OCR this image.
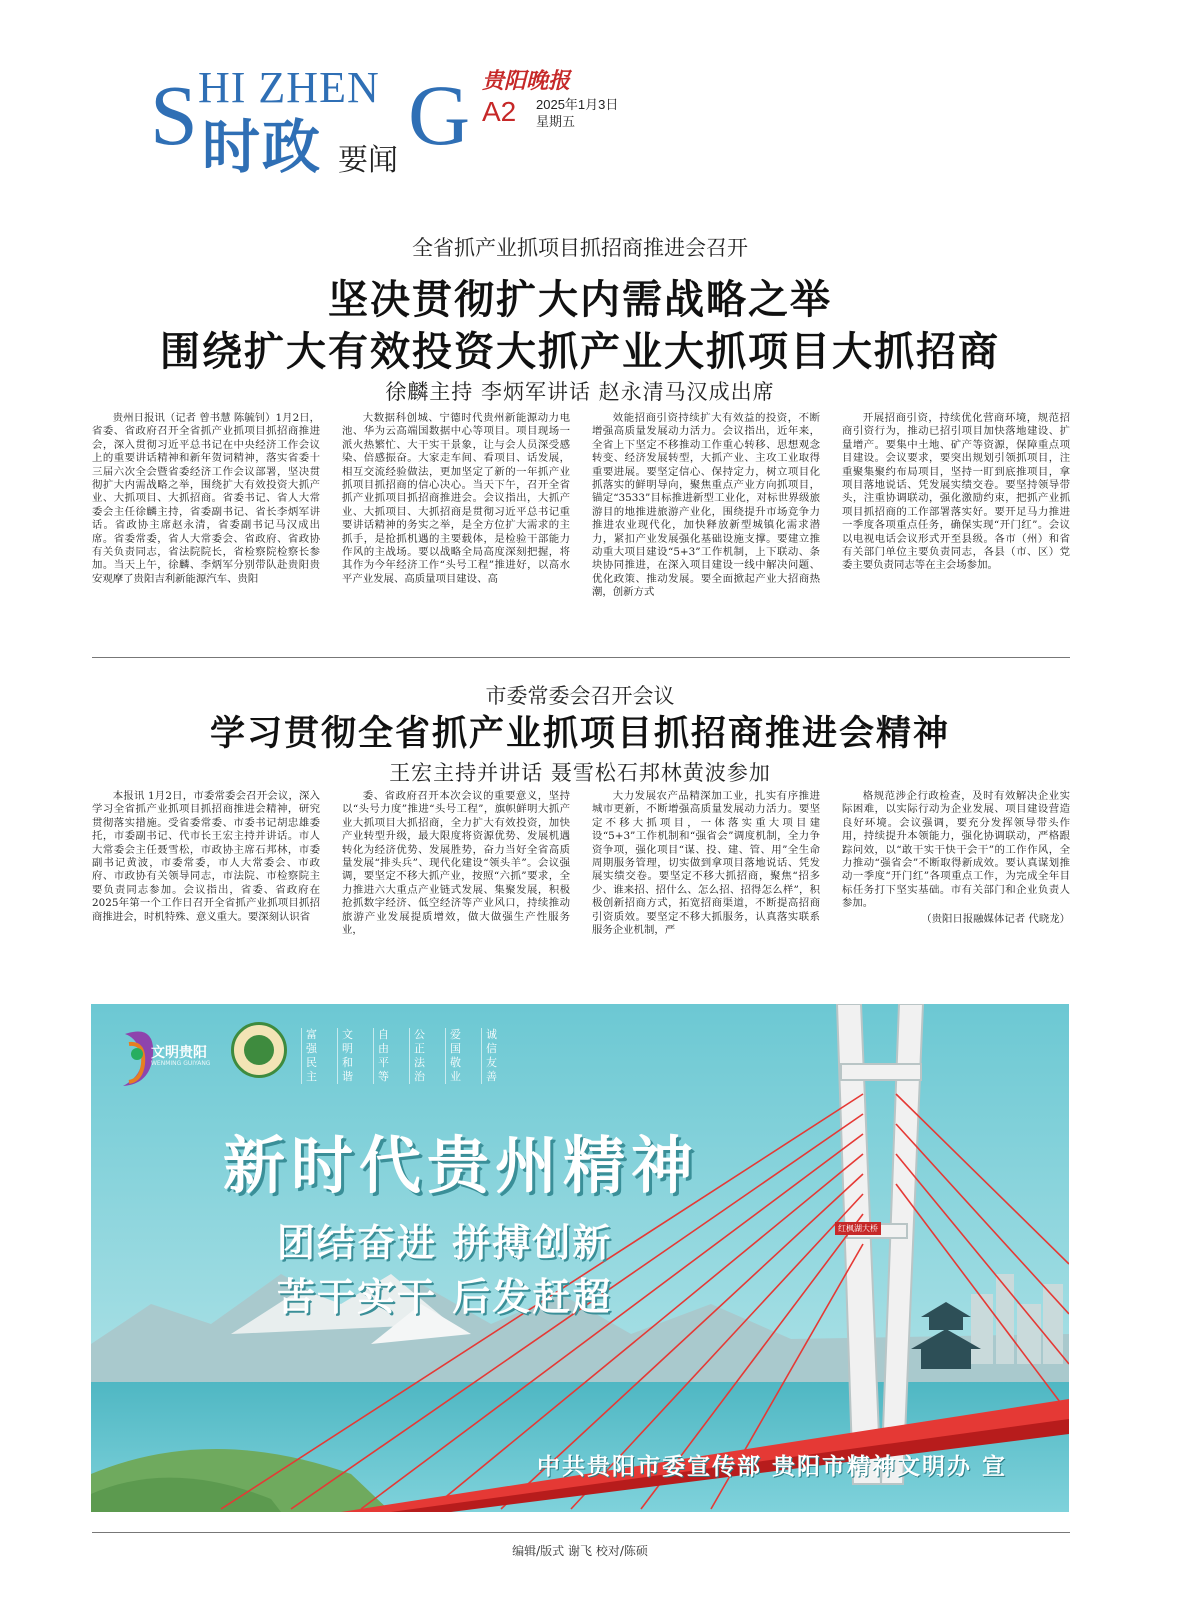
S HI ZHEN G
时政 要闻
贵阳晚报
A2 2025年1月3日
星期五
全省抓产业抓项目抓招商推进会召开
坚决贯彻扩大内需战略之举
围绕扩大有效投资大抓产业大抓项目大抓招商
徐麟主持 李炳军讲话 赵永清马汉成出席

贵州日报讯（记者 曾书慧 陈毓钊）1月2日，省委、省政府召开全省抓产业抓项目抓招商推进会，深入贯彻习近平总书记在中央经济工作会议上的重要讲话精神和新年贺词精神，落实省委十三届六次全会暨省委经济工作会议部署，坚决贯彻扩大内需战略之举，围绕扩大有效投资大抓产业、大抓项目、大抓招商。省委书记、省人大常委会主任徐麟主持，省委副书记、省长李炳军讲话。省政协主席赵永清，省委副书记马汉成出席。省委常委，省人大常委会、省政府、省政协有关负责同志，省法院院长，省检察院检察长参加。当天上午，徐麟、李炳军分别带队赴贵阳贵安观摩了贵阳吉利新能源汽车、贵阳

大数据科创城、宁德时代贵州新能源动力电池、华为云高端国数据中心等项目。项目现场一派火热繁忙、大干实干景象，让与会人员深受感染、倍感振奋。大家走车间、看项目、话发展，相互交流经验做法，更加坚定了新的一年抓产业抓项目抓招商的信心决心。当天下午，召开全省抓产业抓项目抓招商推进会。会议指出，大抓产业、大抓项目、大抓招商是贯彻习近平总书记重要讲话精神的务实之举，是全方位扩大需求的主抓手，是抢抓机遇的主要载体，是检验干部能力作风的主战场。要以战略全局高度深刻把握，将其作为今年经济工作“头号工程”推进好，以高水平产业发展、高质量项目建设、高

效能招商引资持续扩大有效益的投资，不断增强高质量发展动力活力。会议指出，近年来，全省上下坚定不移推动工作重心转移、思想观念转变、经济发展转型，大抓产业、主攻工业取得重要进展。要坚定信心、保持定力，树立项目化抓落实的鲜明导向，聚焦重点产业方向抓项目，锚定“3533”目标推进新型工业化，对标世界级旅游目的地推进旅游产业化，围绕提升市场竞争力推进农业现代化，加快释放新型城镇化需求潜力，紧扣产业发展强化基础设施支撑。要建立推动重大项目建设“5+3”工作机制，上下联动、条块协同推进，在深入项目建设一线中解决问题、优化政策、推动发展。要全面掀起产业大招商热潮，创新方式

开展招商引资，持续优化营商环境，规范招商引资行为，推动已招引项目加快落地建设、扩量增产。要集中土地、矿产等资源，保障重点项目建设。会议要求，要突出规划引领抓项目，注重聚集聚约布局项目，坚持一盯到底推项目，拿项目落地说话、凭发展实绩交卷。要坚持领导带头，注重协调联动，强化激励约束，把抓产业抓项目抓招商的工作部署落实好。要开足马力推进一季度各项重点任务，确保实现“开门红”。会议以电视电话会议形式开至县级。各市（州）和省有关部门单位主要负责同志，各县（市、区）党委主要负责同志等在主会场参加。

市委常委会召开会议
学习贯彻全省抓产业抓项目抓招商推进会精神
王宏主持并讲话 聂雪松石邦林黄波参加

本报讯 1月2日，市委常委会召开会议，深入学习全省抓产业抓项目抓招商推进会精神，研究贯彻落实措施。受省委常委、市委书记胡忠雄委托，市委副书记、代市长王宏主持并讲话。市人大常委会主任聂雪松，市政协主席石邦林，市委副书记黄波，市委常委，市人大常委会、市政府、市政协有关领导同志，市法院、市检察院主要负责同志参加。会议指出，省委、省政府在2025年第一个工作日召开全省抓产业抓项目抓招商推进会，时机特殊、意义重大。要深刻认识省

委、省政府召开本次会议的重要意义，坚持以“头号力度”推进“头号工程”，旗帜鲜明大抓产业大抓项目大抓招商，全力扩大有效投资，加快产业转型升级，最大限度将资源优势、发展机遇转化为经济优势、发展胜势，奋力当好全省高质量发展“排头兵”、现代化建设“领头羊”。会议强调，要坚定不移大抓产业，按照“六抓”要求，全力推进六大重点产业链式发展、集聚发展，积极抢抓数字经济、低空经济等产业风口，持续推动旅游产业发展提质增效，做大做强生产性服务业，

大力发展农产品精深加工业，扎实有序推进城市更新，不断增强高质量发展动力活力。要坚定不移大抓项目，一体落实重大项目建设“5+3”工作机制和“强省会”调度机制，全力争资争项，强化项目“谋、投、建、管、用”全生命周期服务管理，切实做到拿项目落地说话、凭发展实绩交卷。要坚定不移大抓招商，聚焦“招多少、谁来招、招什么、怎么招、招得怎么样”，积极创新招商方式，拓宽招商渠道，不断提高招商引资质效。要坚定不移大抓服务，认真落实联系服务企业机制，严

格规范涉企行政检查，及时有效解决企业实际困难，以实际行动为企业发展、项目建设营造良好环境。会议强调，要充分发挥领导带头作用，持续提升本领能力，强化协调联动，严格跟踪问效，以“敢干实干快干会干”的工作作风，全力推动“强省会”不断取得新成效。要认真谋划推动一季度“开门红”各项重点工作，为完成全年目标任务打下坚实基础。市有关部门和企业负责人参加。

（贵阳日报融媒体记者 代晓龙）
文明贵阳
WENMING GUIYANG
富强民主
文明和谐
自由平等
公正法治
爱国敬业
诚信友善
新时代贵州精神
团结奋进 拼搏创新
苦干实干 后发赶超
红枫湖大桥
中共贵阳市委宣传部 贵阳市精神文明办 宣
编辑/版式 谢飞 校对/陈硕
